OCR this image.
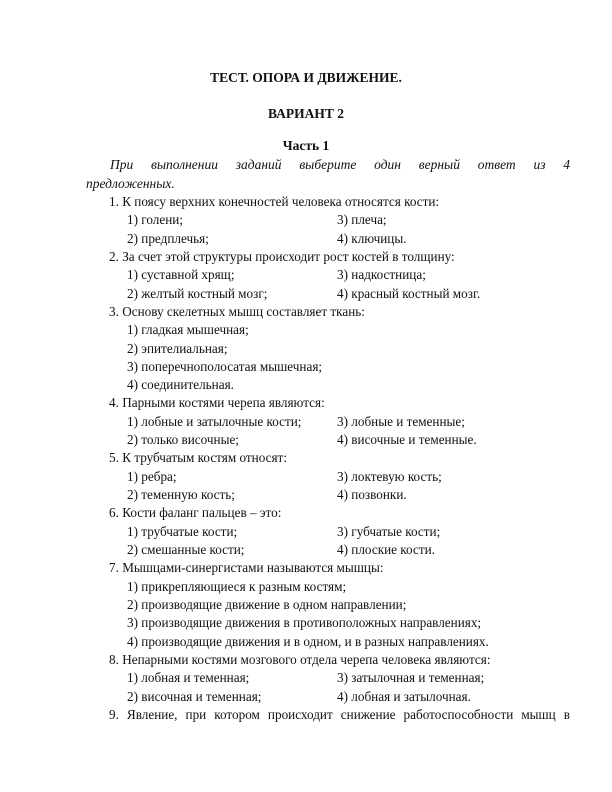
ТЕСТ. ОПОРА И ДВИЖЕНИЕ.
ВАРИАНТ 2
Часть 1
При выполнении заданий выберите один верный ответ из 4
предложенных.
1. К поясу верхних конечностей человека относятся кости:
1) голени;	3) плеча;
2) предплечья;	4) ключицы.
2. За счет этой структуры происходит рост костей в толщину:
1) суставной хрящ;	3) надкостница;
2) желтый костный мозг;	4) красный костный мозг.
3. Основу скелетных мышц составляет ткань:
1) гладкая мышечная;
2) эпителиальная;
3) поперечнополосатая мышечная;
4) соединительная.
4. Парными костями черепа являются:
1) лобные и затылочные кости;	3) лобные и теменные;
2) только височные;	4) височные и теменные.
5. К трубчатым костям относят:
1) ребра;	3) локтевую кость;
2) теменную кость;	4) позвонки.
6. Кости фаланг пальцев – это:
1) трубчатые кости;	3) губчатые кости;
2) смешанные кости;	4) плоские кости.
7. Мышцами-синергистами называются мышцы:
1) прикрепляющиеся к разным костям;
2) производящие движение в одном направлении;
3) производящие движения в противоположных направлениях;
4) производящие движения и в одном, и в разных направлениях.
8. Непарными костями мозгового отдела черепа человека являются:
1) лобная и теменная;	3) затылочная и теменная;
2) височная и теменная;	4) лобная и затылочная.
9. Явление, при котором происходит снижение работоспособности мышц в
